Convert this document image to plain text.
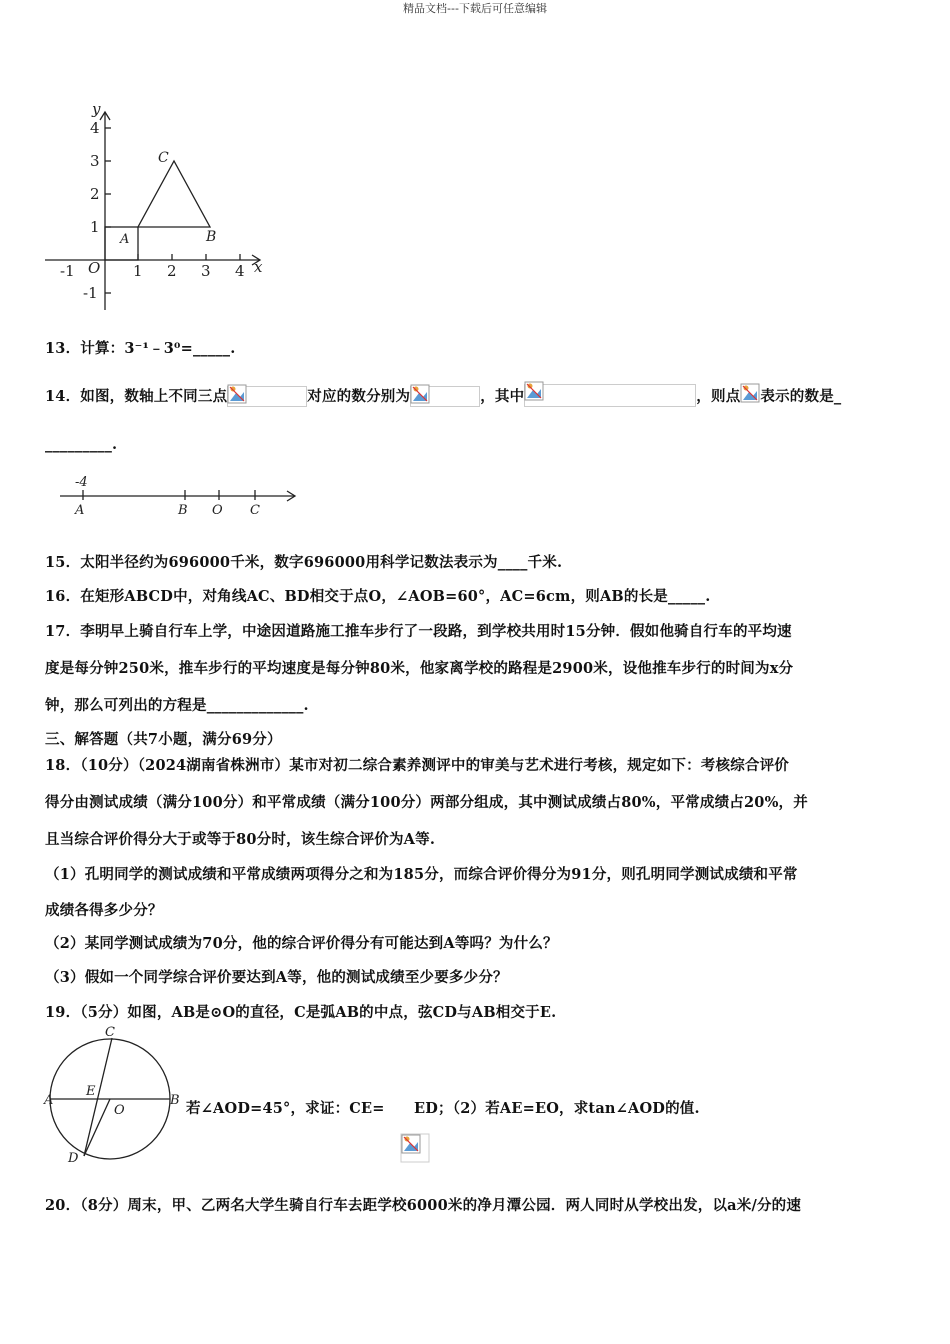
精品文档---下载后可任意编辑
y
x
O
4
3
2
1
-1
-1	1 2 3 4
A	B
C
13．计算：3⁻¹﹣3⁰=_____.
14．如图，数轴上不同三点	对应的数分别为	，其中	，则点 表示的数是_
_________.
-4
A	B O C
15．太阳半径约为696000千米，数字696000用科学记数法表示为____千米.
16．在矩形ABCD中，对角线AC、BD相交于点O，∠AOB=60°，AC=6cm，则AB的长是_____.
17．李明早上骑自行车上学，中途因道路施工推车步行了一段路，到学校共用时15分钟．假如他骑自行车的平均速
度是每分钟250米，推车步行的平均速度是每分钟80米，他家离学校的路程是2900米，设他推车步行的时间为x分
钟，那么可列出的方程是_____________.
三、解答题（共7小题，满分69分）
18．（10分）（2024湖南省株洲市）某市对初二综合素养测评中的审美与艺术进行考核，规定如下：考核综合评价
得分由测试成绩（满分100分）和平常成绩（满分100分）两部分组成，其中测试成绩占80%，平常成绩占20%，并
且当综合评价得分大于或等于80分时，该生综合评价为A等.
（1）孔明同学的测试成绩和平常成绩两项得分之和为185分，而综合评价得分为91分，则孔明同学测试成绩和平常
成绩各得多少分？
（2）某同学测试成绩为70分，他的综合评价得分有可能达到A等吗？为什么？
（3）假如一个同学综合评价要达到A等，他的测试成绩至少要多少分？
19．（5分）如图，AB是⊙O的直径，C是弧AB的中点，弦CD与AB相交于E.
C
A	B
E
O
D
若∠AOD=45°，求证：CE=　　ED；（2）若AE=EO，求tan∠AOD的值.
20．（8分）周末，甲、乙两名大学生骑自行车去距学校6000米的净月潭公园．两人同时从学校出发，以a米/分的速
